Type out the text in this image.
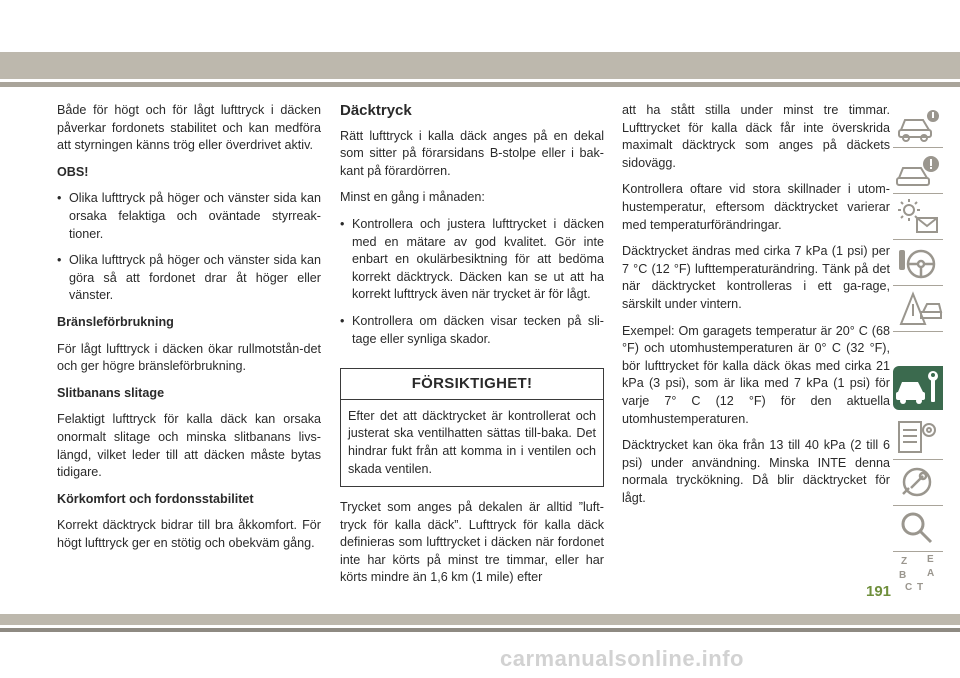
Både för högt och för lågt lufttryck i däcken påverkar fordonets stabilitet och kan medföra att styrningen känns trög eller överdrivet aktiv.

OBS!
• Olika lufttryck på höger och vänster sida kan orsaka felaktiga och oväntade styrreak-tioner.
• Olika lufttryck på höger och vänster sida kan göra så att fordonet drar åt höger eller vänster.
Bränsleförbrukning

För lågt lufttryck i däcken ökar rullmotstån-det och ger högre bränsleförbrukning.

Slitbanans slitage

Felaktigt lufttryck för kalla däck kan orsaka onormalt slitage och minska slitbanans livs-längd, vilket leder till att däcken måste bytas tidigare.

Körkomfort och fordonsstabilitet

Korrekt däcktryck bidrar till bra åkkomfort. För högt lufttryck ger en stötig och obekväm gång.

Däcktryck

Rätt lufttryck i kalla däck anges på en dekal som sitter på förarsidans B-stolpe eller i bak-kant på förardörren.

Minst en gång i månaden:

• Kontrollera och justera lufttrycket i däcken med en mätare av god kvalitet. Gör inte enbart en okulärbesiktning för att bedöma korrekt däcktryck. Däcken kan se ut att ha korrekt lufttryck även när trycket är för lågt.
• Kontrollera om däcken visar tecken på sli-tage eller synliga skador.
FÖRSIKTIGHET!
Efter det att däcktrycket är kontrollerat och justerat ska ventilhatten sättas till-baka. Det hindrar fukt från att komma in i ventilen och skada ventilen.

Trycket som anges på dekalen är alltid ”luft-tryck för kalla däck”. Lufttryck för kalla däck definieras som lufttrycket i däcken när fordonet inte har körts på minst tre timmar, eller har körts mindre än 1,6 km (1 mile) efter

att ha stått stilla under minst tre timmar. Lufttrycket för kalla däck får inte överskrida maximalt däcktryck som anges på däckets sidovägg.

Kontrollera oftare vid stora skillnader i utom-hustemperatur, eftersom däcktrycket varierar med temperaturförändringar.

Däcktrycket ändras med cirka 7 kPa (1 psi) per 7 °C (12 °F) lufttemperaturändring. Tänk på det när däcktrycket kontrolleras i ett ga-rage, särskilt under vintern.

Exempel: Om garagets temperatur är 20° C (68 °F) och utomhustemperaturen är 0° C (32 °F), bör lufttrycket för kalla däck ökas med cirka 21 kPa (3 psi), som är lika med 7 kPa (1 psi) för varje 7° C (12 °F) för den aktuella utomhustemperaturen.

Däcktrycket kan öka från 13 till 40 kPa (2 till 6 psi) under användning. Minska INTE denna normala tryckökning. Då blir däcktrycket för lågt.

Z E
B A
C T
191
carmanualsonline.info
